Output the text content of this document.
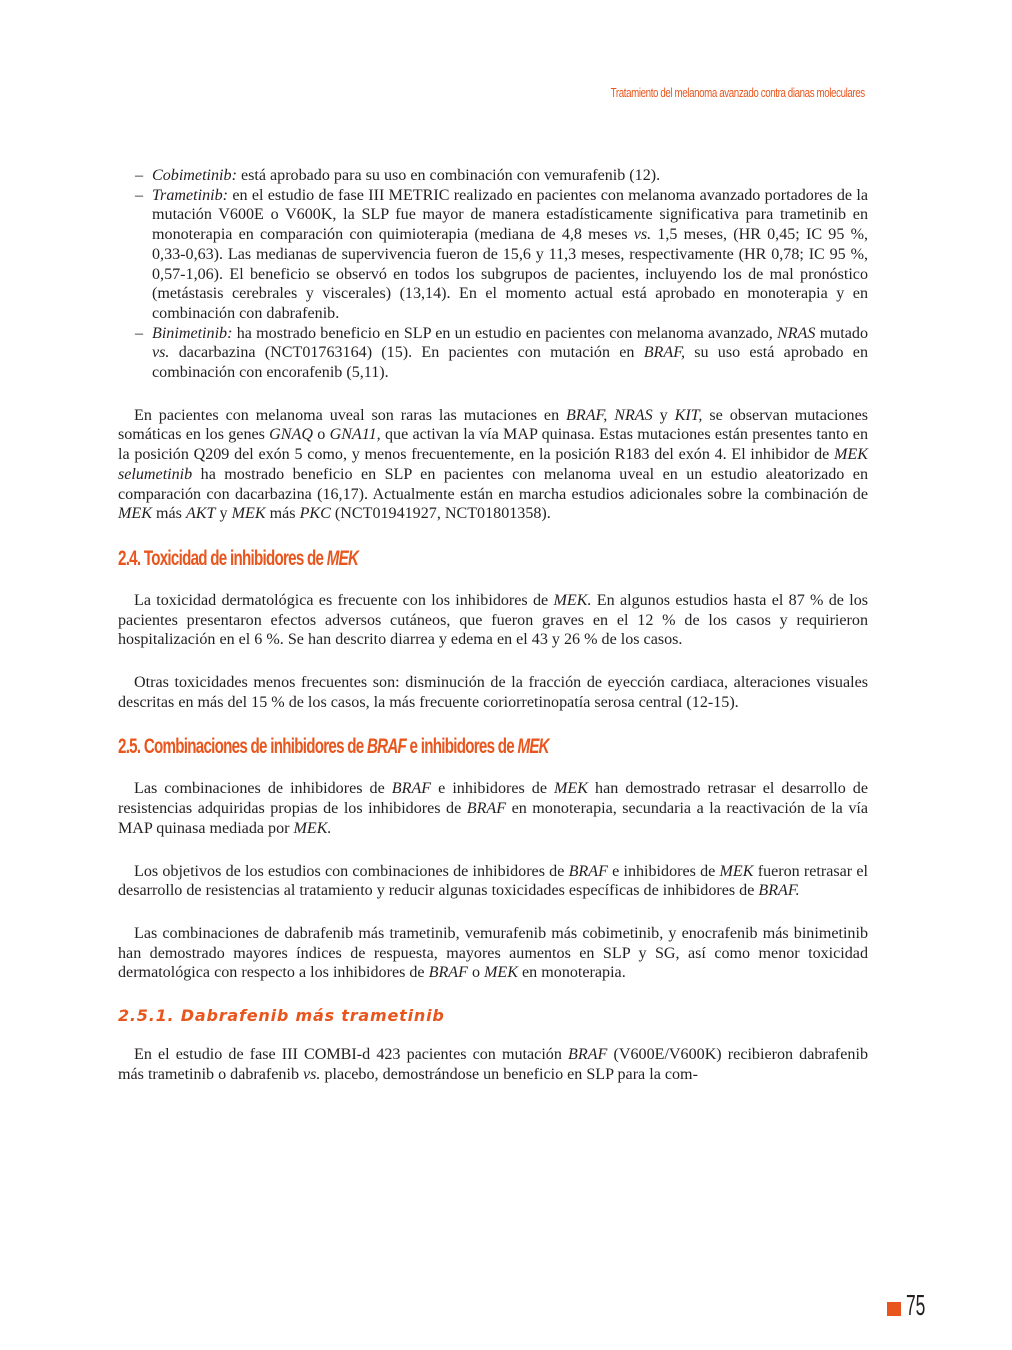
Tratamiento del melanoma avanzado contra dianas moleculares
– Cobimetinib: está aprobado para su uso en combinación con vemurafenib (12).
– Trametinib: en el estudio de fase III METRIC realizado en pacientes con melanoma avanzado portadores de la mutación V600E o V600K, la SLP fue mayor de manera estadísticamente significativa para trametinib en monoterapia en comparación con quimioterapia (mediana de 4,8 meses vs. 1,5 meses, (HR 0,45; IC 95 %, 0,33-0,63). Las medianas de supervivencia fueron de 15,6 y 11,3 meses, respectivamente (HR 0,78; IC 95 %, 0,57-1,06). El beneficio se observó en todos los subgrupos de pacientes, incluyendo los de mal pronóstico (metástasis cerebrales y viscerales) (13,14). En el momento actual está aprobado en monoterapia y en combinación con dabrafenib.
– Binimetinib: ha mostrado beneficio en SLP en un estudio en pacientes con melanoma avanzado, NRAS mutado vs. dacarbazina (NCT01763164) (15). En pacientes con mutación en BRAF, su uso está aprobado en combinación con encorafenib (5,11).

En pacientes con melanoma uveal son raras las mutaciones en BRAF, NRAS y KIT, se observan mutaciones somáticas en los genes GNAQ o GNA11, que activan la vía MAP quinasa. Estas mutaciones están presentes tanto en la posición Q209 del exón 5 como, y menos frecuentemente, en la posición R183 del exón 4. El inhibidor de MEK selumetinib ha mostrado beneficio en SLP en pacientes con melanoma uveal en un estudio aleatorizado en comparación con dacarbazina (16,17). Actualmente están en marcha estudios adicionales sobre la combinación de MEK más AKT y MEK más PKC (NCT01941927, NCT01801358).

2.4. Toxicidad de inhibidores de MEK

La toxicidad dermatológica es frecuente con los inhibidores de MEK. En algunos estudios hasta el 87 % de los pacientes presentaron efectos adversos cutáneos, que fueron graves en el 12 % de los casos y requirieron hospitalización en el 6 %. Se han descrito diarrea y edema en el 43 y 26 % de los casos.

Otras toxicidades menos frecuentes son: disminución de la fracción de eyección cardiaca, alteraciones visuales descritas en más del 15 % de los casos, la más frecuente coriorretinopatía serosa central (12-15).

2.5. Combinaciones de inhibidores de BRAF e inhibidores de MEK

Las combinaciones de inhibidores de BRAF e inhibidores de MEK han demostrado retrasar el desarrollo de resistencias adquiridas propias de los inhibidores de BRAF en monoterapia, secundaria a la reactivación de la vía MAP quinasa mediada por MEK.

Los objetivos de los estudios con combinaciones de inhibidores de BRAF e inhibidores de MEK fueron retrasar el desarrollo de resistencias al tratamiento y reducir algunas toxicidades específicas de inhibidores de BRAF.

Las combinaciones de dabrafenib más trametinib, vemurafenib más cobimetinib, y enocrafenib más binimetinib han demostrado mayores índices de respuesta, mayores aumentos en SLP y SG, así como menor toxicidad dermatológica con respecto a los inhibidores de BRAF o MEK en monoterapia.

2.5.1. Dabrafenib más trametinib

En el estudio de fase III COMBI-d 423 pacientes con mutación BRAF (V600E/V600K) recibieron dabrafenib más trametinib o dabrafenib vs. placebo, demostrándose un beneficio en SLP para la com-

75
